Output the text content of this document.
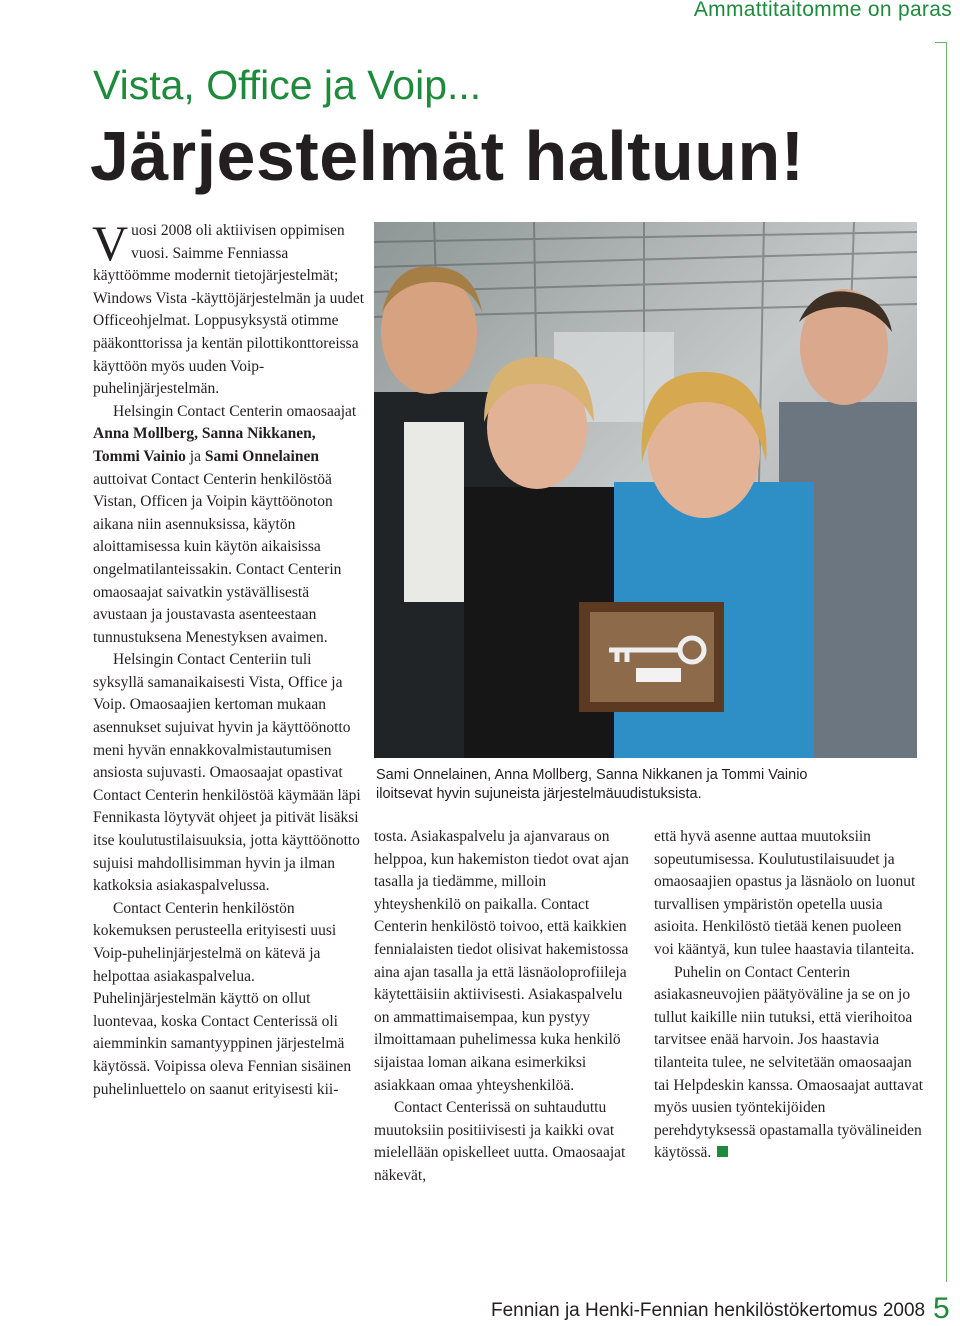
Ammattitaitomme on paras
Vista, Office ja Voip...
Järjestelmät haltuun!

Vuosi 2008 oli aktiivisen oppimisen vuosi. Saimme Fenniassa käyttöömme modernit tietojärjestelmät; Windows Vista -käyttöjärjestelmän ja uudet Officeohjelmat. Loppusyksystä otimme pääkonttorissa ja kentän pilottikonttoreissa käyttöön myös uuden Voip-puhelinjärjestelmän.

Helsingin Contact Centerin omaosaajat Anna Mollberg, Sanna Nikkanen, Tommi Vainio ja Sami Onnelainen auttoivat Contact Centerin henkilöstöä Vistan, Officen ja Voipin käyttöönoton aikana niin asennuksissa, käytön aloittamisessa kuin käytön aikaisissa ongelmatilanteissakin. Contact Centerin omaosaajat saivatkin ystävällisestä avustaan ja joustavasta asenteestaan tunnustuksena Menestyksen avaimen.

Helsingin Contact Centeriin tuli syksyllä samanaikaisesti Vista, Office ja Voip. Omaosaajien kertoman mukaan asennukset sujuivat hyvin ja käyttöönotto meni hyvän ennakkovalmistautumisen ansiosta sujuvasti. Omaosaajat opastivat Contact Centerin henkilöstöä käymään läpi Fennikasta löytyvät ohjeet ja pitivät lisäksi itse koulutustilaisuuksia, jotta käyttöönotto sujuisi mahdollisimman hyvin ja ilman katkoksia asiakaspalvelussa.

Contact Centerin henkilöstön kokemuksen perusteella erityisesti uusi Voip-puhelinjärjestelmä on kätevä ja helpottaa asiakaspalvelua. Puhelinjärjestelmän käyttö on ollut luontevaa, koska Contact Centerissä oli aiemminkin samantyyppinen järjestelmä käytössä. Voipissa oleva Fennian sisäinen puhelinluettelo on saanut erityisesti kii-

Sami Onnelainen, Anna Mollberg, Sanna Nikkanen ja Tommi Vainio
iloitsevat hyvin sujuneista järjestelmäuudistuksista.

tosta. Asiakaspalvelu ja ajanvaraus on helppoa, kun hakemiston tiedot ovat ajan tasalla ja tiedämme, milloin yhteyshenkilö on paikalla. Contact Centerin henkilöstö toivoo, että kaikkien fennialaisten tiedot olisivat hakemistossa aina ajan tasalla ja että läsnäoloprofiileja käytettäisiin aktiivisesti. Asiakaspalvelu on ammattimaisempaa, kun pystyy ilmoittamaan puhelimessa kuka henkilö sijaistaa loman aikana esimerkiksi asiakkaan omaa yhteyshenkilöä.

Contact Centerissä on suhtauduttu muutoksiin positiivisesti ja kaikki ovat mielellään opiskelleet uutta. Omaosaajat näkevät,

että hyvä asenne auttaa muutoksiin sopeutumisessa. Koulutustilaisuudet ja omaosaajien opastus ja läsnäolo on luonut turvallisen ympäristön opetella uusia asioita. Henkilöstö tietää kenen puoleen voi kääntyä, kun tulee haastavia tilanteita.

Puhelin on Contact Centerin asiakasneuvojien päätyöväline ja se on jo tullut kaikille niin tutuksi, että vierihoitoa tarvitsee enää harvoin. Jos haastavia tilanteita tulee, ne selvitetään omaosaajan tai Helpdeskin kanssa. Omaosaajat auttavat myös uusien työntekijöiden perehdytyksessä opastamalla työvälineiden käytössä.

Fennian ja Henki-Fennian henkilöstökertomus 2008 5
